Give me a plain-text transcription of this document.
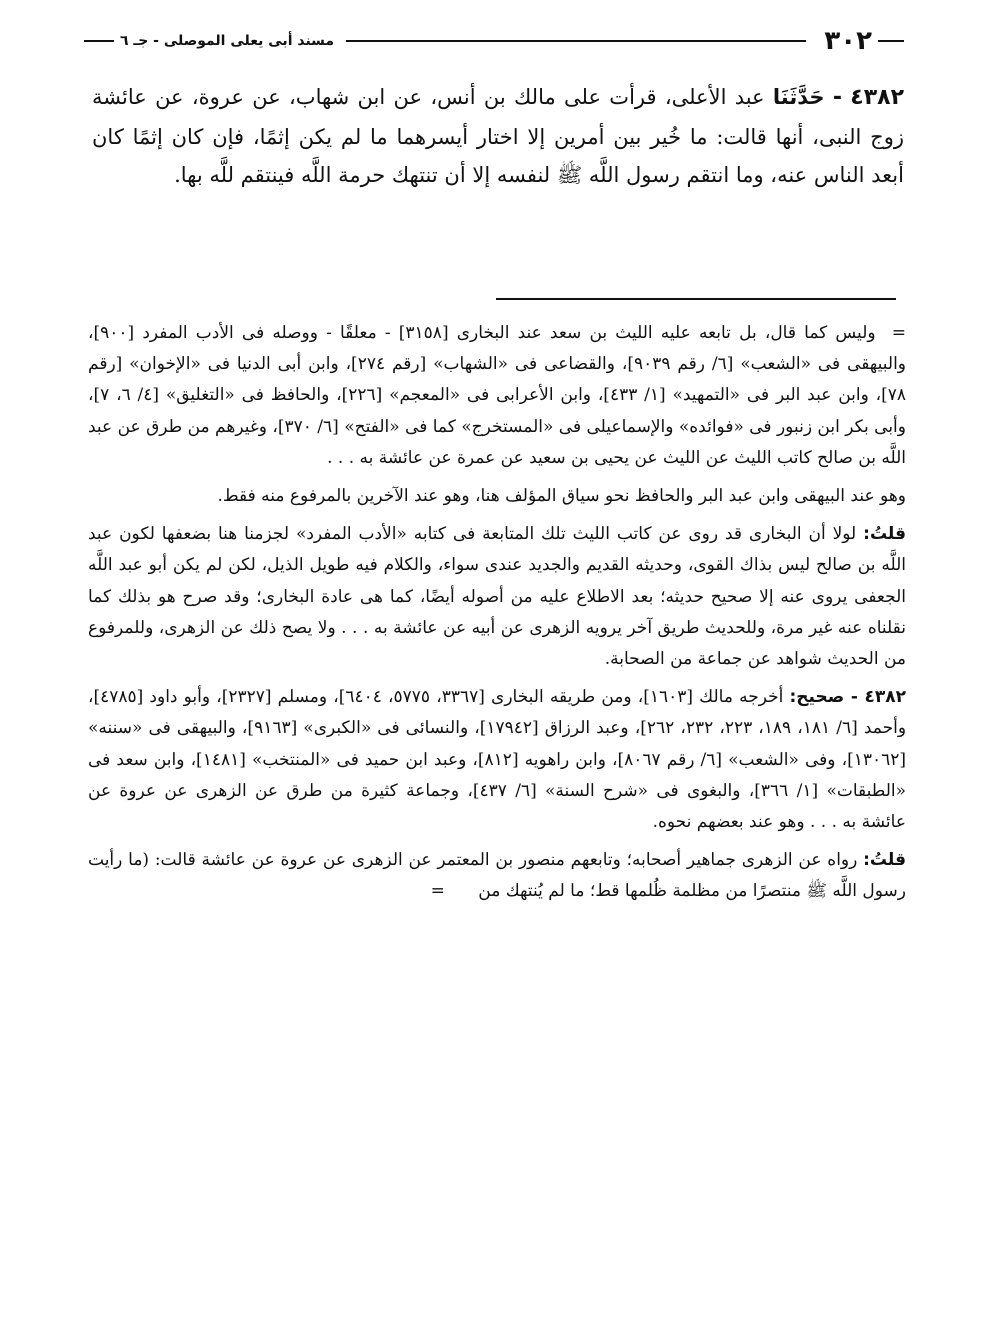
٣٠٢
مسند أبى يعلى الموصلى - جـ ٦
٤٣٨٢ - حَدَّثَنَا عبد الأعلى، قرأت على مالك بن أنس، عن ابن شهاب، عن عروة، عن عائشة زوج النبى، أنها قالت: ما خُير بين أمرين إلا اختار أيسرهما ما لم يكن إثمًا، فإن كان إثمًا كان أبعد الناس عنه، وما انتقم رسول اللَّه ﷺ لنفسه إلا أن تنتهك حرمة اللَّه فينتقم للَّه بها.

= وليس كما قال، بل تابعه عليه الليث بن سعد عند البخارى [٣١٥٨] - معلقًا - ووصله فى الأدب المفرد [٩٠٠]، والبيهقى فى «الشعب» [٦/ رقم ٩٠٣٩]، والقضاعى فى «الشهاب» [رقم ٢٧٤]، وابن أبى الدنيا فى «الإخوان» [رقم ٧٨]، وابن عبد البر فى «التمهيد» [١/ ٤٣٣]، وابن الأعرابى فى «المعجم» [٢٢٦]، والحافظ فى «التغليق» [٤/ ٦، ٧]، وأبى بكر ابن زنبور فى «فوائده» والإسماعيلى فى «المستخرج» كما فى «الفتح» [٦/ ٣٧٠]، وغيرهم من طرق عن عبد اللَّه بن صالح كاتب الليث عن الليث عن يحيى بن سعيد عن عمرة عن عائشة به . . .

وهو عند البيهقى وابن عبد البر والحافظ نحو سياق المؤلف هنا، وهو عند الآخرين بالمرفوع منه فقط.

قلتُ: لولا أن البخارى قد روى عن كاتب الليث تلك المتابعة فى كتابه «الأدب المفرد» لجزمنا هنا بضعفها لكون عبد اللَّه بن صالح ليس بذاك القوى، وحديثه القديم والجديد عندى سواء، والكلام فيه طويل الذيل، لكن لم يكن أبو عبد اللَّه الجعفى يروى عنه إلا صحيح حديثه؛ بعد الاطلاع عليه من أصوله أيضًا، كما هى عادة البخارى؛ وقد صرح هو بذلك كما نقلناه عنه غير مرة، وللحديث طريق آخر يرويه الزهرى عن أبيه عن عائشة به . . . ولا يصح ذلك عن الزهرى، وللمرفوع من الحديث شواهد عن جماعة من الصحابة.

٤٣٨٢ - صحيح: أخرجه مالك [١٦٠٣]، ومن طريقه البخارى [٣٣٦٧، ٥٧٧٥، ٦٤٠٤]، ومسلم [٢٣٢٧]، وأبو داود [٤٧٨٥]، وأحمد [٦/ ١٨١، ١٨٩، ٢٢٣، ٢٣٢، ٢٦٢]، وعبد الرزاق [١٧٩٤٢]، والنسائى فى «الكبرى» [٩١٦٣]، والبيهقى فى «سننه» [١٣٠٦٢]، وفى «الشعب» [٦/ رقم ٨٠٦٧]، وابن راهويه [٨١٢]، وعبد ابن حميد فى «المنتخب» [١٤٨١]، وابن سعد فى «الطبقات» [١/ ٣٦٦]، والبغوى فى «شرح السنة» [٦/ ٤٣٧]، وجماعة كثيرة من طرق عن الزهرى عن عروة عن عائشة به . . . وهو عند بعضهم نحوه.

قلتُ: رواه عن الزهرى جماهير أصحابه؛ وتابعهم منصور بن المعتمر عن الزهرى عن عروة عن عائشة قالت: (ما رأيت رسول اللَّه ﷺ منتصرًا من مظلمة ظُلمها قط؛ ما لم يُنتهك من =
